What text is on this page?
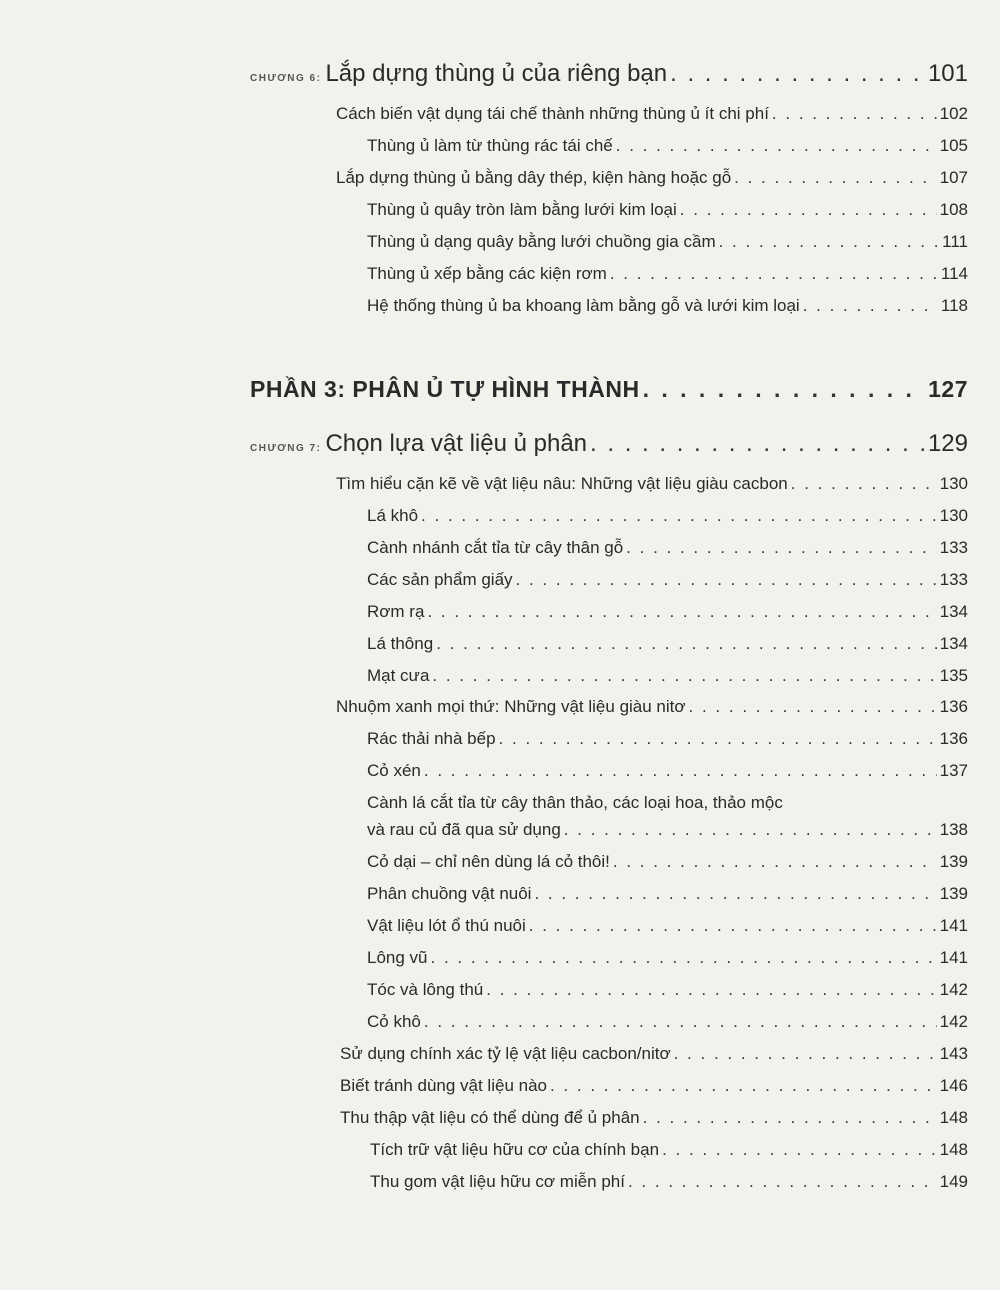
CHƯƠNG 6: Lắp dựng thùng ủ của riêng bạn . . .	101
Cách biến vật dụng tái chế thành những thùng ủ ít chi phí . . .	102
Thùng ủ làm từ thùng rác tái chế . . .	105
Lắp dựng thùng ủ bằng dây thép, kiện hàng hoặc gỗ . . .	107
Thùng ủ quây tròn làm bằng lưới kim loại . . .	108
Thùng ủ dạng quây bằng lưới chuồng gia cầm . . .	111
Thùng ủ xếp bằng các kiện rơm . . .	114
Hệ thống thùng ủ ba khoang làm bằng gỗ và lưới kim loại . . .	118
PHẦN 3: PHÂN Ủ TỰ HÌNH THÀNH . . .	127
CHƯƠNG 7: Chọn lựa vật liệu ủ phân . . .	129
Tìm hiểu cặn kẽ về vật liệu nâu: Những vật liệu giàu cacbon . . .	130
Lá khô . . .	130
Cành nhánh cắt tỉa từ cây thân gỗ . . .	133
Các sản phẩm giấy . . .	133
Rơm rạ . . .	134
Lá thông . . .	134
Mạt cưa . . .	135
Nhuộm xanh mọi thứ: Những vật liệu giàu nitơ . . .	136
Rác thải nhà bếp . . .	136
Cỏ xén . . .	137
Cành lá cắt tỉa từ cây thân thảo, các loại hoa, thảo mộc
và rau củ đã qua sử dụng . . .	138
Cỏ dại – chỉ nên dùng lá cỏ thôi! . . .	139
Phân chuồng vật nuôi . . .	139
Vật liệu lót ổ thú nuôi . . .	141
Lông vũ . . .	141
Tóc và lông thú . . .	142
Cỏ khô . . .	142
Sử dụng chính xác tỷ lệ vật liệu cacbon/nitơ . . .	143
Biết tránh dùng vật liệu nào . . .	146
Thu thập vật liệu có thể dùng để ủ phân . . .	148
Tích trữ vật liệu hữu cơ của chính bạn . . .	148
Thu gom vật liệu hữu cơ miễn phí . . .	149
